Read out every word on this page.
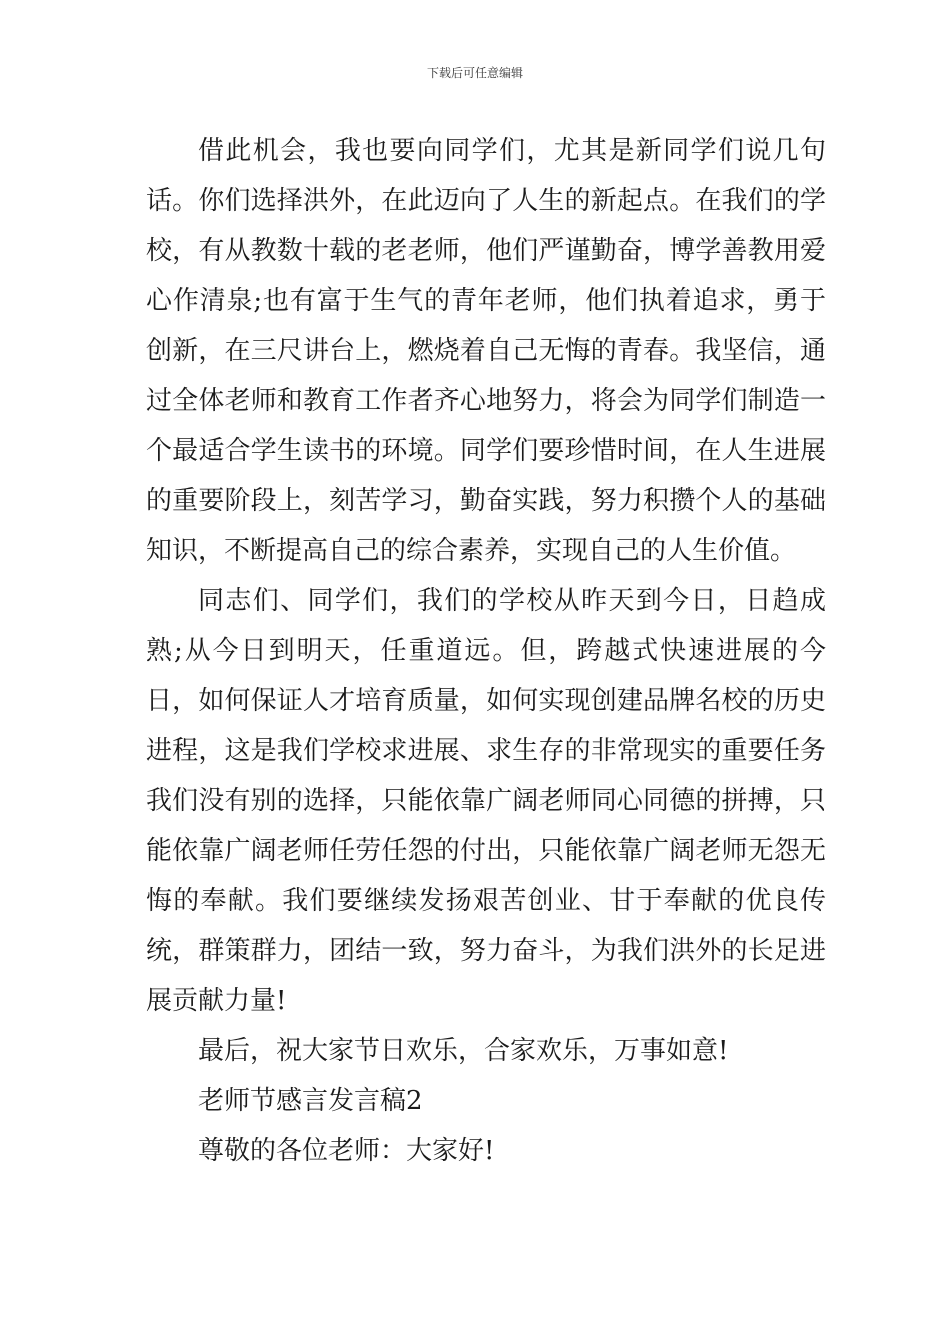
下载后可任意编辑

借此机会，我也要向同学们，尤其是新同学们说几句话。你们选择洪外，在此迈向了人生的新起点。在我们的学校，有从教数十载的老老师，他们严谨勤奋，博学善教用爱心作清泉;也有富于生气的青年老师，他们执着追求，勇于创新，在三尺讲台上，燃烧着自己无悔的青春。我坚信，通过全体老师和教育工作者齐心地努力，将会为同学们制造一个最适合学生读书的环境。同学们要珍惜时间，在人生进展的重要阶段上，刻苦学习，勤奋实践，努力积攒个人的基础知识，不断提高自己的综合素养，实现自己的人生价值。

同志们、同学们，我们的学校从昨天到今日，日趋成熟;从今日到明天，任重道远。但，跨越式快速进展的今日，如何保证人才培育质量，如何实现创建品牌名校的历史进程，这是我们学校求进展、求生存的非常现实的重要任务我们没有别的选择，只能依靠广阔老师同心同德的拼搏，只能依靠广阔老师任劳任怨的付出，只能依靠广阔老师无怨无悔的奉献。我们要继续发扬艰苦创业、甘于奉献的优良传统，群策群力，团结一致，努力奋斗，为我们洪外的长足进展贡献力量!

最后，祝大家节日欢乐，合家欢乐，万事如意!

老师节感言发言稿2

尊敬的各位老师：大家好!
